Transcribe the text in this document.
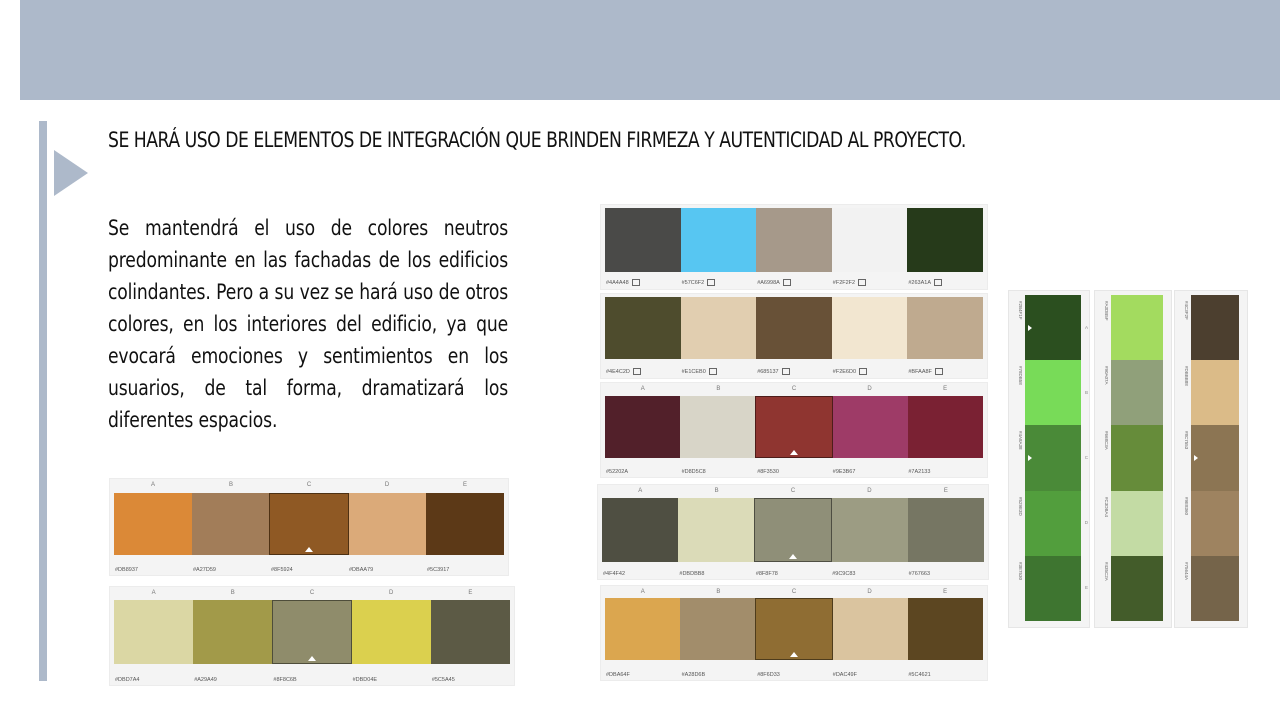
SE HARÁ USO DE ELEMENTOS DE INTEGRACIÓN QUE BRINDEN FIRMEZA Y AUTENTICIDAD AL PROYECTO.
Se mantendrá el uso de colores neutros predominante en las fachadas de los edificios colindantes. Pero a su vez se hará uso de otros colores, en los interiores del edificio, ya que evocará emociones y sentimientos en los usuarios, de tal forma, dramatizará los diferentes espacios.
A	B	C	D	E
#DB8937	#A27D59	#8F5924	#DBAA79	#5C3917
A	B	C	D	E
#DBD7A4	#A29A49	#8F8C6B	#DBD04E	#5C5A45
#4A4A48	#57C6F2	#A6998A	#F2F2F2	#263A1A
#4E4C2D	#E1CEB0	#685137	#F2E6D0	#BFAA8F
A	B	C	D	E
#52202A	#D8D5C8	#8F3530	#9E3B67	#7A2133
A	B	C	D	E
#4F4F42	#DBDBB8	#8F8F78	#9C9C83	#767663
A	B	C	D	E
#DBA64F	#A28D6B	#8F6D33	#DAC49F	#5C4621
#2B4F1F
A
#78DB58
B
#4A8A38
C
#529E3D
D
#3E7530
E
#A3DB5F
#90A07A
#668C3A
#C3DBA4
#435C2A
#4C3F2F
#DBBB88
#8C7553
#9E8360
#75644A
